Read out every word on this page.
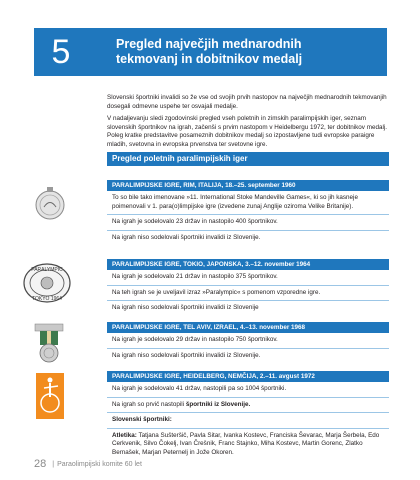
5	Pregled največjih mednarodnih
tekmovanj in dobitnikov medalj

Slovenski športniki invalidi so že vse od svojih prvih nastopov na največjih mednarodnih tekmovanjih dosegali odmevne uspehe ter osvajali medalje.

V nadaljevanju sledi zgodovinski pregled vseh poletnih in zimskih paralimpijskih iger, seznam slovenskih športnikov na igrah, začenši s prvim nastopom v Heidelbergu 1972, ter dobitnikov medalj. Poleg kratke predstavitve posameznih dobitnikov medalj so izpostavljene tudi evropske paraigre mladih, svetovna in evropska prvenstva ter svetovne igre.

Pregled poletnih paralimpijskih iger
PARALIMPIJSKE IGRE, RIM, ITALIJA, 18.–25. september 1960
To so bile tako imenovane »11. International Stoke Mandeville Games«, ki so jih kasneje poimenovali v 1. para(o)limpijske igre (izvedene zunaj Anglije oziroma Velike Britanije).
Na igrah je sodelovalo 23 držav in nastopilo 400 športnikov.
Na igrah niso sodelovali športniki invalidi iz Slovenije.
PARALIMPIJSKE IGRE, TOKIO, JAPONSKA, 3.–12. november 1964
Na igrah je sodelovalo 21 držav in nastopilo 375 športnikov.
Na teh igrah se je uveljavil izraz »Paralympic« s pomenom vzporedne igre.
Na igrah niso sodelovali športniki invalidi iz Slovenije
PARALIMPIJSKE IGRE, TEL AVIV, IZRAEL, 4.–13. november 1968
Na igrah je sodelovalo 29 držav in nastopilo 750 športnikov.
Na igrah niso sodelovali športniki invalidi iz Slovenije.
PARALIMPIJSKE IGRE, HEIDELBERG, NEMČIJA, 2.–11. avgust 1972
Na igrah je sodelovalo 41 držav, nastopili pa so 1004 športniki.
Na igrah so prvič nastopili športniki iz Slovenije.
Slovenski športniki:
Atletika: Tatjana Sušteršič, Pavla Sitar, Ivanka Kostevc, Franciska Ševarac, Marja Šerbela, Edo Cerkvenik, Silvo Čokelj, Ivan Črešnik, Franc Stajnko, Miha Kostevc, Martin Gorenc, Zlatko Bernašek, Marjan Peternelj in Jože Okoren.
PARALYMPIC
TOKYO 1964
28 | Paraolimpijski komite 60 let
